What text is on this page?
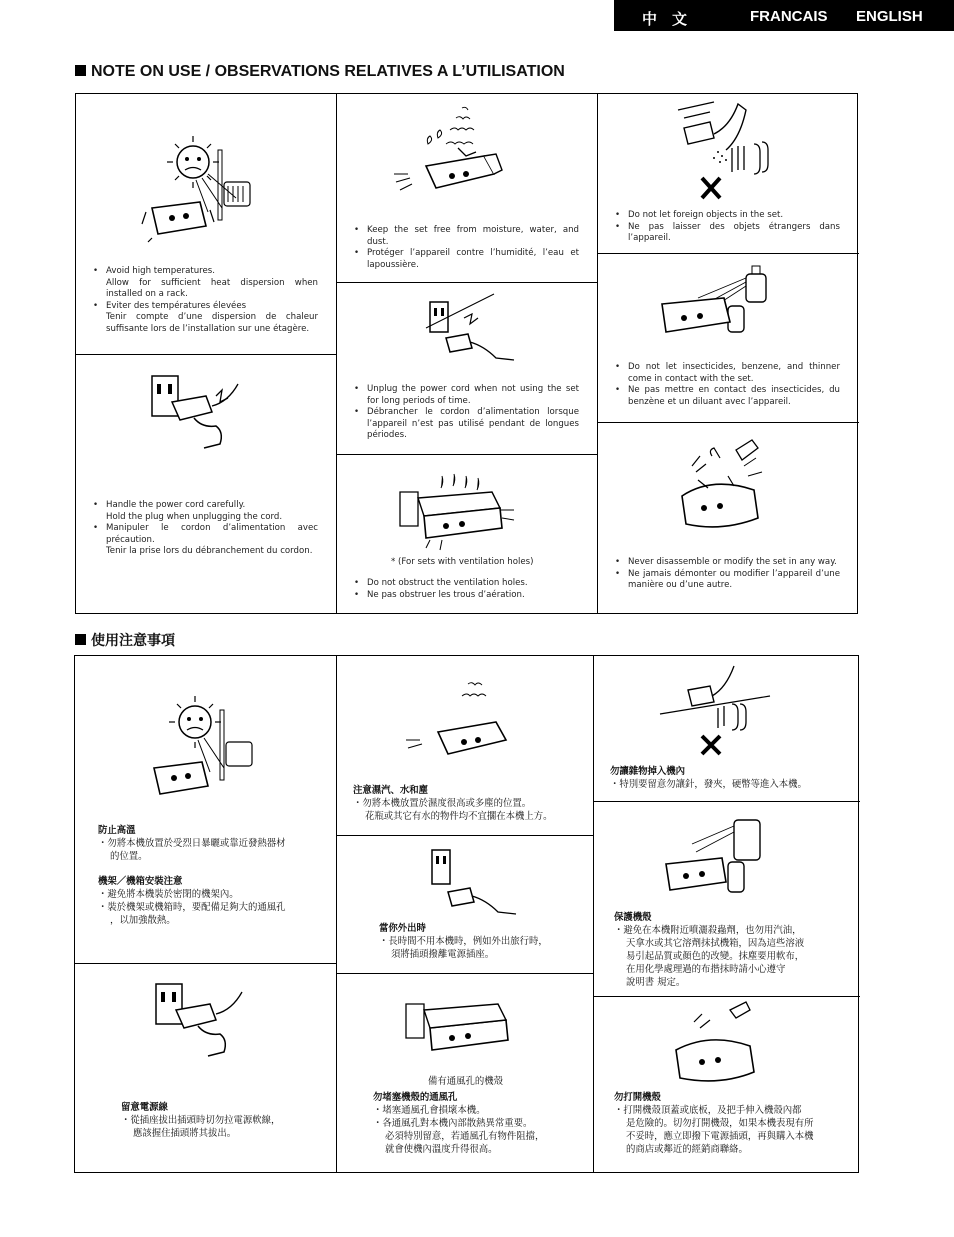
中　文	FRANCAIS ENGLISH
NOTE ON USE / OBSERVATIONS RELATIVES A L’UTILISATION
• Avoid high temperatures.
Allow for sufficient heat dispersion when installed on a rack.
• Eviter des températures élevées
Tenir compte d’une dispersion de chaleur suffisante lors de l’installation sur une étagère.
• Handle the power cord carefully.
Hold the plug when unplugging the cord.
• Manipuler le cordon d’alimentation avec précaution.
Tenir la prise lors du débranchement du cordon.
• Keep the set free from moisture, water, and dust.
• Protéger l’appareil contre l’humidité, l’eau et lapoussière.
• Unplug the power cord when not using the set for long periods of time.
• Débrancher le cordon d’alimentation lorsque l’appareil n’est pas utilisé pendant de longues périodes.
* (For sets with ventilation holes)
• Do not obstruct the ventilation holes.
• Ne pas obstruer les trous d’aération.
• Do not let foreign objects in the set.
• Ne pas laisser des objets étrangers dans l’appareil.
• Do not let insecticides, benzene, and thinner come in contact with the set.
• Ne pas mettre en contact des insecticides, du benzène et un diluant avec l’appareil.
• Never disassemble or modify the set in any way.
• Ne jamais démonter ou modifier l’appareil d’une manière ou d’une autre.
使用注意事項
防止高溫
・勿將本機放置於受烈日暴曬或靠近發熱器材
的位置。
機架／機箱安裝注意
・避免將本機裝於密閉的機架內。
・裝於機架或機箱時，要配備足夠大的通風孔
，以加強散熱。
留意電源線
・從插座拔出插頭時切勿拉電源軟線，
應該握住插頭將其拔出。
注意濕汽、水和塵
・勿將本機放置於濕度很高或多塵的位置。
花瓶或其它有水的物件均不宜擱在本機上方。
當你外出時
・長時間不用本機時，例如外出旅行時，
須將插頭撥離電源插座。
備有通風孔的機殼
勿堵塞機殼的通風孔
・堵塞通風孔會損壞本機。
・各通風孔對本機內部散熱異常重要。
必須特別留意，若通風孔有物件阻擋，
就會使機內溫度升得很高。
勿讓雜物掉入機內
・特別要留意勿讓針，發夾，硬幣等進入本機。
保護機殼
・避免在本機附近噴灑殺蟲劑，也勿用汽油，
天拿水或其它溶劑抹拭機箱，因為這些溶液
易引起品質或顏色的改變。抹塵要用軟布，
在用化學處理過的布揩抹時請小心遵守
說明書 規定。
勿打開機殼
・打開機殼頂蓋或底板，及把手伸入機殼內都
是危險的。切勿打開機殼，如果本機表現有所
不妥時，應立即撥下電源插頭，再與購入本機
的商店或鄰近的經銷商聯絡。
